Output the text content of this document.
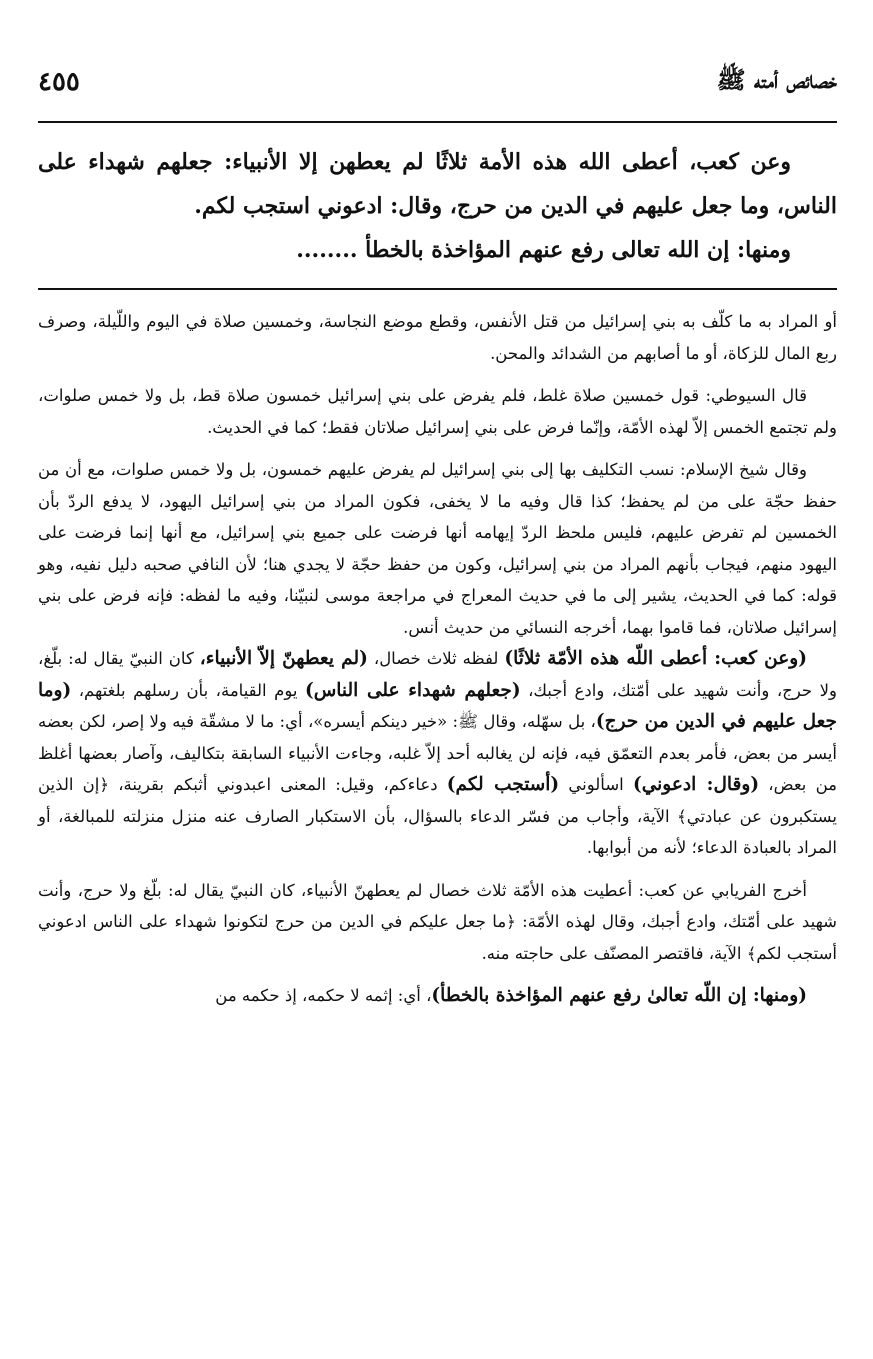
خصائص أمته ﷺ
٤٥٥

وعن كعب، أعطى الله هذه الأمة ثلاثًا لم يعطهن إلا الأنبياء: جعلهم شهداء على الناس، وما جعل عليهم في الدين من حرج، وقال: ادعوني استجب لكم.

ومنها: إن الله تعالى رفع عنهم المؤاخذة بالخطأ ........

أو المراد به ما كلّف به بني إسرائيل من قتل الأنفس، وقطع موضع النجاسة، وخمسين صلاة في اليوم واللّيلة، وصرف ربع المال للزكاة، أو ما أصابهم من الشدائد والمحن.

قال السيوطي: قول خمسين صلاة غلط، فلم يفرض على بني إسرائيل خمسون صلاة قط، بل ولا خمس صلوات، ولم تجتمع الخمس إلاّ لهذه الأمّة، وإنّما فرض على بني إسرائيل صلاتان فقط؛ كما في الحديث.

وقال شيخ الإسلام: نسب التكليف بها إلى بني إسرائيل لم يفرض عليهم خمسون، بل ولا خمس صلوات، مع أن من حفظ حجّة على من لم يحفظ؛ كذا قال وفيه ما لا يخفى، فكون المراد من بني إسرائيل اليهود، لا يدفع الردّ بأن الخمسين لم تفرض عليهم، فليس ملحظ الردّ إيهامه أنها فرضت على جميع بني إسرائيل، مع أنها إنما فرضت على اليهود منهم، فيجاب بأنهم المراد من بني إسرائيل، وكون من حفظ حجّة لا يجدي هنا؛ لأن النافي صحبه دليل نفيه، وهو قوله: كما في الحديث، يشير إلى ما في حديث المعراج في مراجعة موسى لنبيّنا، وفيه ما لفظه: فإنه فرض على بني إسرائيل صلاتان، فما قاموا بهما، أخرجه النسائي من حديث أنس.

(وعن كعب: أعطى اللّه هذه الأمّة ثلاثًا) لفظه ثلاث خصال، (لم يعطهنّ إلاّ الأنبياء، كان النبيّ يقال له: بلّغ، ولا حرج، وأنت شهيد على أمّتك، وادع أجبك، (جعلهم شهداء على الناس) يوم القيامة، بأن رسلهم بلغتهم، (وما جعل عليهم في الدين من حرج)، بل سهّله، وقال ﷺ: «خير دينكم أيسره»، أي: ما لا مشقّة فيه ولا إصر، لكن بعضه أيسر من بعض، فأمر بعدم التعمّق فيه، فإنه لن يغالبه أحد إلاّ غلبه، وجاءت الأنبياء السابقة بتكاليف، وآصار بعضها أغلظ من بعض، (وقال: ادعوني) اسألوني (أستجب لكم) دعاءكم، وقيل: المعنى اعبدوني أثبكم بقرينة، ﴿إن الذين يستكبرون عن عبادتي﴾ الآية، وأجاب من فسّر الدعاء بالسؤال، بأن الاستكبار الصارف عنه منزل منزلته للمبالغة، أو المراد بالعبادة الدعاء؛ لأنه من أبوابها.

أخرج الفريابي عن كعب: أعطيت هذه الأمّة ثلاث خصال لم يعطهنّ الأنبياء، كان النبيّ يقال له: بلّغ ولا حرج، وأنت شهيد على أمّتك، وادع أجبك، وقال لهذه الأمّة: ﴿ما جعل عليكم في الدين من حرج لتكونوا شهداء على الناس ادعوني أستجب لكم﴾ الآية، فاقتصر المصنّف على حاجته منه.

(ومنها: إن اللّه تعالىٰ رفع عنهم المؤاخذة بالخطأ)، أي: إثمه لا حكمه، إذ حكمه من
